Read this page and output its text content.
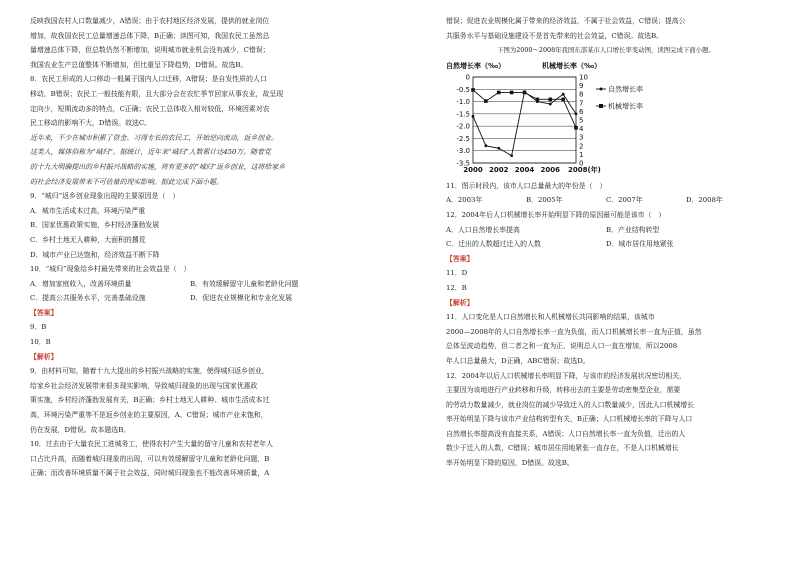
反映我国农村人口数量减少，A错误；由于农村地区经济发展，提供的就业岗位
增加，故我国农民工总量增速总体下降，B正确；读图可知，我国农民工虽然总
量增速总体下降，但总数仍然不断增加，说明城市就业机会没有减少，C错误；
我国农业生产总值整体不断增加，但比重呈下降趋势，D错误。故选B。
8．农民工形成的人口移动一般属于国内人口迁移，A错误；是自发性质的人口
移动，B错误；农民工一般技能有限，且大部分会在农忙季节回家从事农业，故呈现
定向少，短期流动多的特点，C正确；农民工总体收入相对较低，环境因素对农
民工移动的影响不大，D错误。故选C。
近年来，不少在城市积累了资金、习得专长的农民工，开始逆向流动，返乡创业。
这类人，媒体俗称为“城归”。据统计，近年来“城归”人数累计达450万。随着党
的十九大明确提出的乡村振兴战略的实施，将有更多的“城归”返乡创业，这将给家乡
的社会经济发展带来不可估量的现实影响。据此完成下面小题。
9．“城归”返乡创业现象出现的主要原因是（　）
A．城市生活成本过高，环境污染严重
B．国家优惠政策实施，乡村经济蓬勃发展
C．乡村土地无人耕种，大面积的撂荒
D．城市产业已达饱和，经济效益不断下降
10．“城归”现象给乡村最先带来的社会效益是（　）
A．增加家庭收入，改善环境质量	B．有效缓解留守儿童和老龄化问题
C．提高公共服务水平，完善基础设施	D．促进农业规模化和专业化发展
【答案】
9．B
10．B
【解析】
9．由材料可知，随着十九大提出的乡村振兴战略的实施，使得城归返乡创业，
给家乡社会经济发展带来很多现实影响，导致城归现象的出现与国家优惠政
策实施，乡村经济蓬勃发展有关，B正确；乡村土地无人耕种、城市生活成本过
高，环境污染严重等不是返乡创业的主要原因，A、C错误；城市产业未饱和，
仍在发展，D错误。故本题选B。
10．过去由于大量农民工进城务工，使得农村产生大量的留守儿童和农村老年人
口占比升高，而随着城归现象的出现，可以有效缓解留守儿童和老龄化问题，B
正确；而改善环境质量不属于社会效益，同时城归现象也不能改善环境质量，A
错误；促进农业规模化属于带来的经济效益，不属于社会效益，C错误；提高公
共服务水平与基础设施建设不是首先带来的社会效益，C错误。故选B。
下图为2000～2008年我国东部某市人口增长率变动图，读图完成下面小题。
自然增长率（‰）	机械增长率（‰）
0
-0.5
-1.0
-1.5
-2.0
-2.5
-3.0
-3.5
10
9
8
7
6
5
4
3
2
1
0
2000 2002 2004 2006 2008(年)
自然增长率
机械增长率
11．图示时段内，该市人口总量最大的年份是（　）
A．2003年	B．2005年	C．2007年	D．2008年
12．2004年后人口机械增长率开始明显下降的原因最可能是该市（　）
A．人口自然增长率提高	B．产业结构转型
C．迁出的人数超过迁入的人数	D．城市居住用地紧张
【答案】
11．D
12．B
【解析】
11．人口变化是人口自然增长和人机械增长共同影响的结果，该城市
2000—2008年的人口自然增长率一直为负值，而人口机械增长率一直为正值，虽然
总体呈波动趋势，但二者之和一直为正，说明总人口一直在增加，所以2008
年人口总量最大，D正确，ABC错误；故选D。
12．2004年以后人口机械增长率明显下降，与该市的经济发展状况密切相关，
主要因为该地进行产业转移和升级，转移出去的主要是劳动密集型企业，需要
的劳动力数量减少，就业岗位的减少导致迁入的人口数量减少，因此人口机械增长
率开始明显下降与该市产业结构转型有关，B正确；人口机械增长率的下降与人口
自然增长率提高没有直接关系，A错误；人口自然增长率一直为负值，迁出的人
数少于迁入的人数，C错误；城市居住用地紧张一直存在，不是人口机械增长
率开始明显下降的原因，D错误。故选B。
